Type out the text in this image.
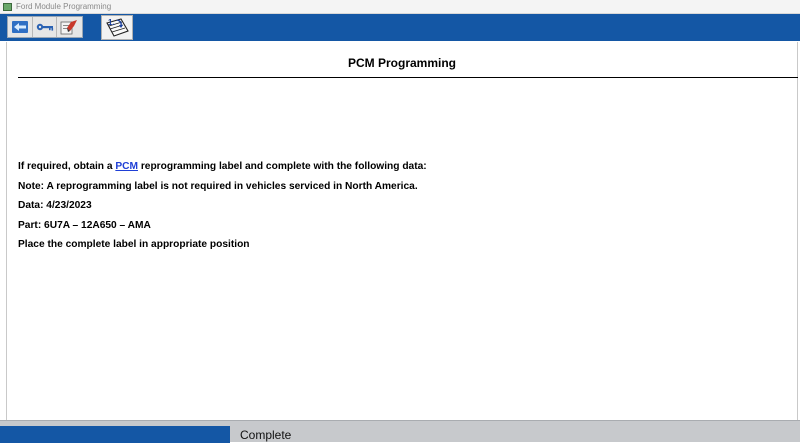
Ford Module Programming
1.
PCM Programming
If required, obtain a PCM reprogramming label and complete with the following data:
Note: A reprogramming label is not required in vehicles serviced in North America.
Data: 4/23/2023
Part: 6U7A – 12A650 – AMA
Place the complete label in appropriate position
Complete
